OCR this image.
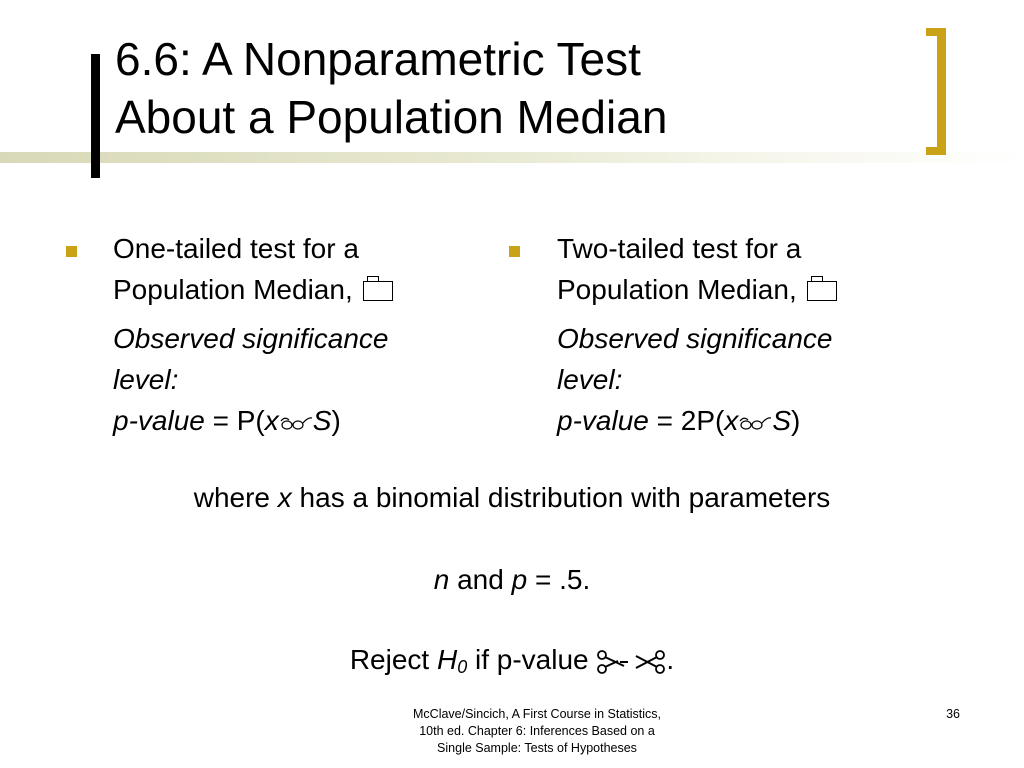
6.6: A Nonparametric Test
About a Population Median

One-tailed test for a
Population Median,

Observed significance
level:

p-value = P(x S)

Two-tailed test for a
Population Median,

Observed significance
level:

p-value = 2P(x S)

where x has a binomial distribution with parameters
n and p = .5.
Reject $H_0$ if p-value	.
McClave/Sincich, A First Course in Statistics,
10th ed. Chapter 6: Inferences Based on a
Single Sample: Tests of Hypotheses
36
